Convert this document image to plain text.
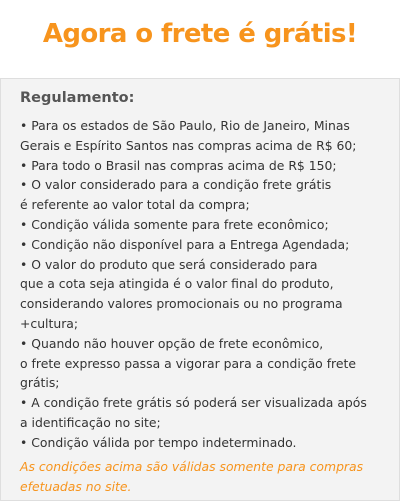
Agora o frete é grátis!
Regulamento:
• Para os estados de São Paulo, Rio de Janeiro, Minas
Gerais e Espírito Santos nas compras acima de R$ 60;
• Para todo o Brasil nas compras acima de R$ 150;
• O valor considerado para a condição frete grátis
é referente ao valor total da compra;
• Condição válida somente para frete econômico;
• Condição não disponível para a Entrega Agendada;
• O valor do produto que será considerado para
que a cota seja atingida é o valor final do produto,
considerando valores promocionais ou no programa
+cultura;
• Quando não houver opção de frete econômico,
o frete expresso passa a vigorar para a condição frete
grátis;
• A condição frete grátis só poderá ser visualizada após
a identificação no site;
• Condição válida por tempo indeterminado.

As condições acima são válidas somente para compras
efetuadas no site.
